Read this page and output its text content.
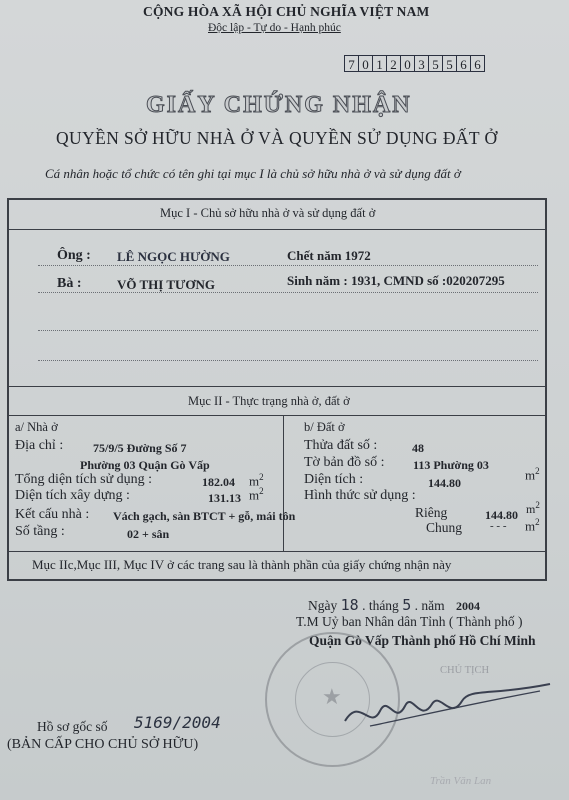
CỘNG HÒA XÃ HỘI CHỦ NGHĨA VIỆT NAM
Độc lập - Tự do - Hạnh phúc
7 0 1 2 0 3 5 5 6 6
GIẤY CHỨNG NHẬN
QUYỀN SỞ HỮU NHÀ Ở VÀ QUYỀN SỬ DỤNG ĐẤT Ở
Cá nhân hoặc tổ chức có tên ghi tại mục I là chủ sở hữu nhà ở và sử dụng đất ở
Mục I - Chủ sở hữu nhà ở và sử dụng đất ở
Ông : LÊ NGỌC HƯỜNG	Chết năm 1972
Bà :	VÕ THỊ TƯƠNG	Sinh năm : 1931, CMND số :020207295
Mục II - Thực trạng nhà ở, đất ở
a/ Nhà ở
Địa chỉ : 75/9/5 Đường Số 7
Phường 03 Quận Gò Vấp
Tổng diện tích sử dụng :	182.04 $m^2$
Diện tích xây dựng :	131.13 $m^2$
Kết cấu nhà : Vách gạch, sàn BTCT + gỗ, mái tôn
Số tầng :	02 + sân
b/ Đất ở
Thửa đất số :	48
Tờ bản đồ số : 113 Phường 03
Diện tích :	144.80
$m^2$
Hình thức sử dụng :
Riêng	144.80 $m^2$
Chung	- - - $m^2$
Mục IIc,Mục III, Mục IV ở các trang sau là thành phần của giấy chứng nhận này
Ngày 18 . tháng 5 . năm 2004
T.M Uỷ ban Nhân dân Tỉnh ( Thành phố )
Quận Gò Vấp Thành phố Hồ Chí Minh
CHỦ TỊCH
★
Trần Văn Lan
Hồ sơ gốc số 5169/2004
(BẢN CẤP CHO CHỦ SỞ HỮU)
